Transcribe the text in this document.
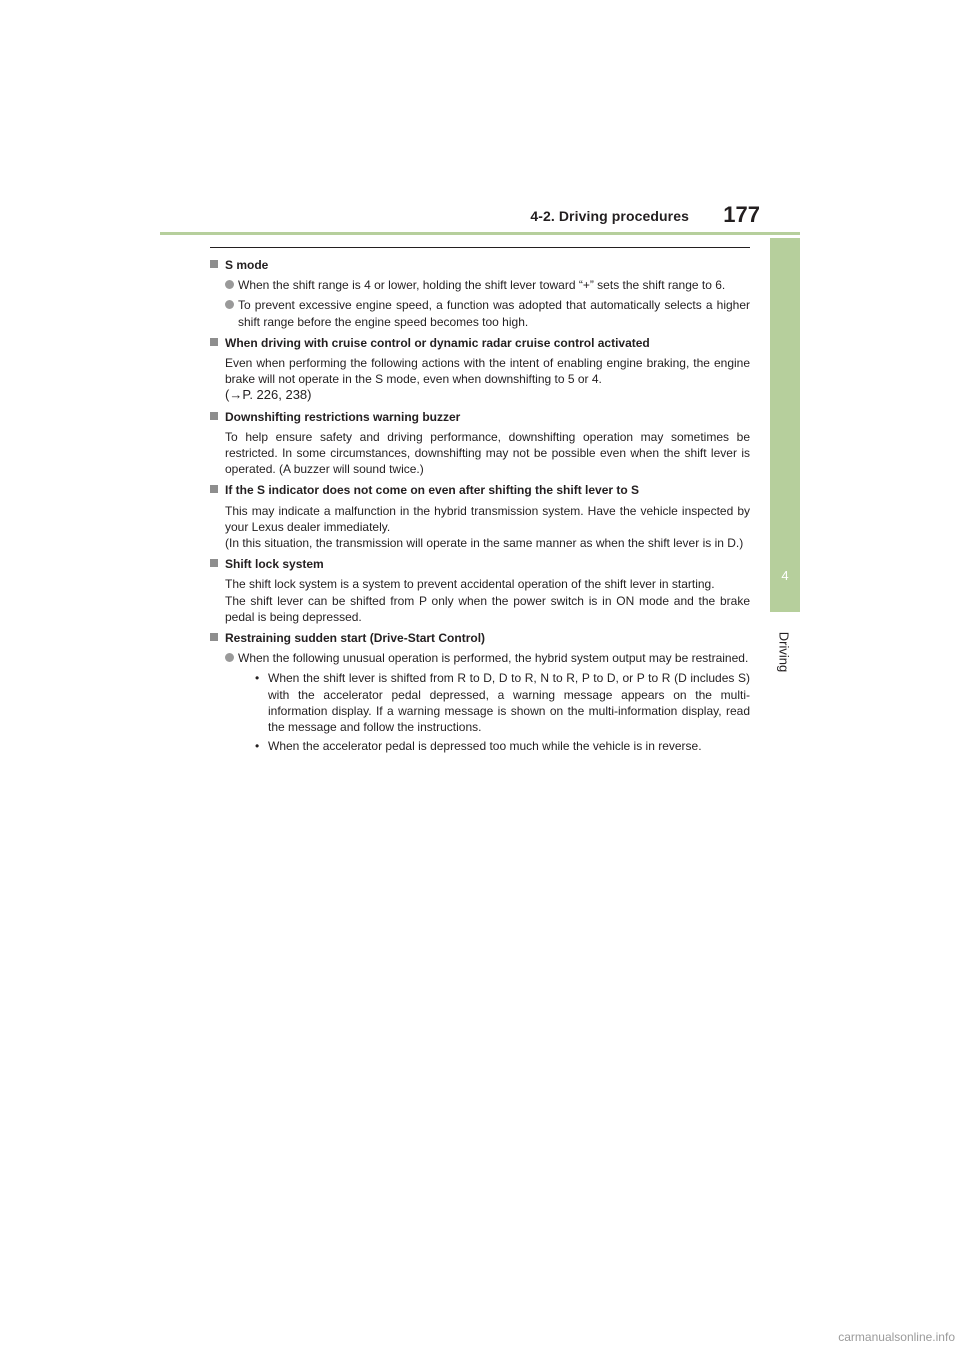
4-2. Driving procedures	177
4
Driving
S mode
When the shift range is 4 or lower, holding the shift lever toward “+” sets the shift range to 6.
To prevent excessive engine speed, a function was adopted that automatically selects a higher shift range before the engine speed becomes too high.
When driving with cruise control or dynamic radar cruise control activated
Even when performing the following actions with the intent of enabling engine braking, the engine brake will not operate in the S mode, even when downshifting to 5 or 4.
(→P. 226, 238)
Downshifting restrictions warning buzzer
To help ensure safety and driving performance, downshifting operation may sometimes be restricted. In some circumstances, downshifting may not be possible even when the shift lever is operated. (A buzzer will sound twice.)
If the S indicator does not come on even after shifting the shift lever to S
This may indicate a malfunction in the hybrid transmission system. Have the vehicle inspected by your Lexus dealer immediately.
(In this situation, the transmission will operate in the same manner as when the shift lever is in D.)
Shift lock system
The shift lock system is a system to prevent accidental operation of the shift lever in starting.
The shift lever can be shifted from P only when the power switch is in ON mode and the brake pedal is being depressed.
Restraining sudden start (Drive-Start Control)
When the following unusual operation is performed, the hybrid system output may be restrained.
• When the shift lever is shifted from R to D, D to R, N to R, P to D, or P to R (D includes S) with the accelerator pedal depressed, a warning message appears on the multi-information display. If a warning message is shown on the multi-information display, read the message and follow the instructions.
• When the accelerator pedal is depressed too much while the vehicle is in reverse.
carmanualsonline.info
